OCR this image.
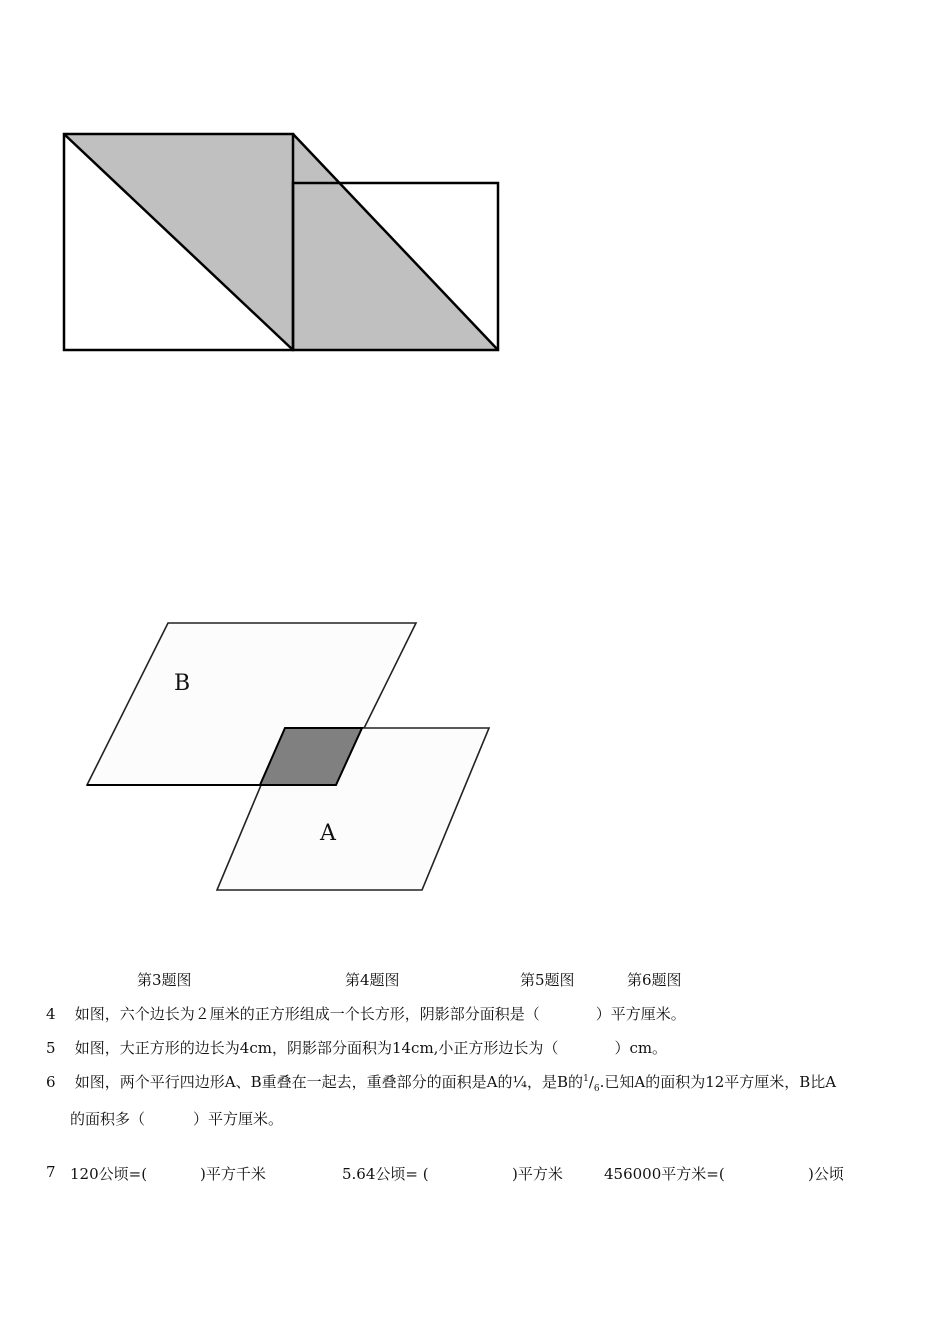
B
A
第3题图	第4题图	第5题图	第6题图
4 如图，六个边长为２厘米的正方形组成一个长方形，阴影部分面积是（	）平方厘米。
5 如图，大正方形的边长为4cm，阴影部分面积为14cm,小正方形边长为（	）cm。
6 如图，两个平行四边形A、B重叠在一起去，重叠部分的面积是A的¼，是B的$^1/_6$.已知A的面积为12平方厘米，B比A
的面积多（	）平方厘米。
7 120公顷=(	)平方千米	5.64公顷= (	)平方米	456000平方米=(	)公顷
